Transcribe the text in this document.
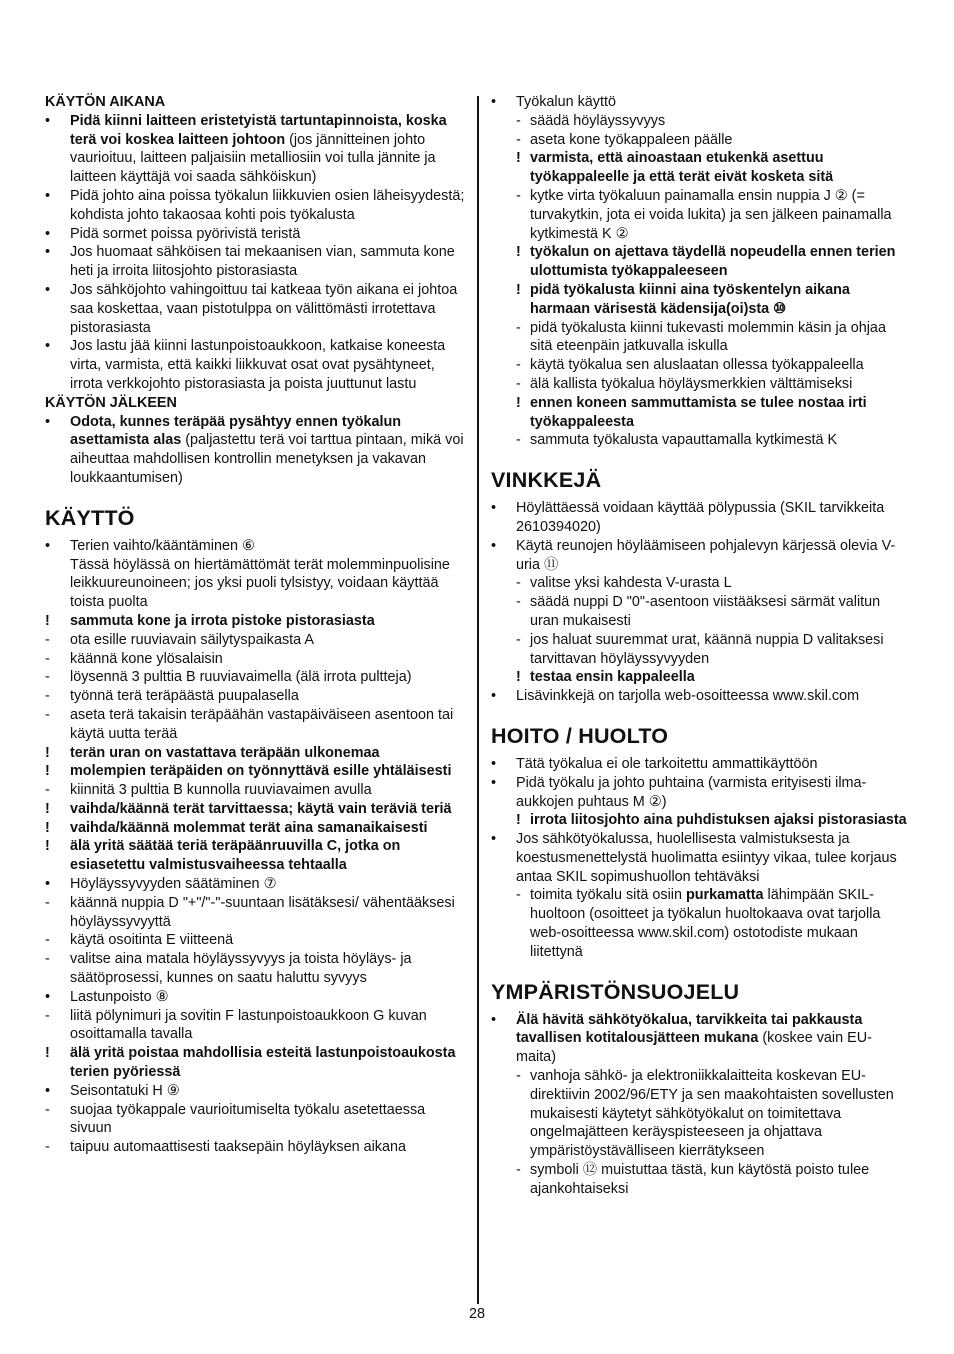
KÄYTÖN AIKANA
• Pidä kiinni laitteen eristetyistä tartuntapinnoista, koska terä voi koskea laitteen johtoon (jos jännitteinen johto vaurioituu, laitteen paljaisiin metalliosiin voi tulla jännite ja laitteen käyttäjä voi saada sähköiskun)
• Pidä johto aina poissa työkalun liikkuvien osien läheisyydestä; kohdista johto takaosaa kohti pois työkalusta
• Pidä sormet poissa pyörivistä teristä
• Jos huomaat sähköisen tai mekaanisen vian, sammuta kone heti ja irroita liitosjohto pistorasiasta
• Jos sähköjohto vahingoittuu tai katkeaa työn aikana ei johtoa saa koskettaa, vaan pistotulppa on välittömästi irrotettava pistorasiasta
• Jos lastu jää kiinni lastunpoistoaukkoon, katkaise koneesta virta, varmista, että kaikki liikkuvat osat ovat pysähtyneet, irrota verkkojohto pistorasiasta ja poista juuttunut lastu
KÄYTÖN JÄLKEEN
• Odota, kunnes teräpää pysähtyy ennen työkalun asettamista alas (paljastettu terä voi tarttua pintaan, mikä voi aiheuttaa mahdollisen kontrollin menetyksen ja vakavan loukkaantumisen)
KÄYTTÖ
• Terien vaihto/kääntäminen ⑥
Tässä höylässä on hiertämättömät terät molemminpuolisine leikkuureunoineen; jos yksi puoli tylsistyy, voidaan käyttää toista puolta
! sammuta kone ja irrota pistoke pistorasiasta
- ota esille ruuviavain säilytyspaikasta A
- käännä kone ylösalaisin
- löysennä 3 pulttia B ruuviavaimella (älä irrota pultteja)
- työnnä terä teräpäästä puupalasella
- aseta terä takaisin teräpäähän vastapäiväiseen asentoon tai käytä uutta terää
! terän uran on vastattava teräpään ulkonemaa
! molempien teräpäiden on työnnyttävä esille yhtäläisesti
- kiinnitä 3 pulttia B kunnolla ruuviavaimen avulla
! vaihda/käännä terät tarvittaessa; käytä vain teräviä teriä
! vaihda/käännä molemmat terät aina samanaikaisesti
! älä yritä säätää teriä teräpäänruuvilla C, jotka on esiasetettu valmistusvaiheessa tehtaalla
• Höyläyssyvyyden säätäminen ⑦
- käännä nuppia D "+"/"-"-suuntaan lisätäksesi/ vähentääksesi höyläyssyvyyttä
- käytä osoitinta E viitteenä
- valitse aina matala höyläyssyvyys ja toista höyläys- ja säätöprosessi, kunnes on saatu haluttu syvyys
• Lastunpoisto ⑧
- liitä pölynimuri ja sovitin F lastunpoistoaukkoon G kuvan osoittamalla tavalla
! älä yritä poistaa mahdollisia esteitä lastunpoistoaukosta terien pyöriessä
• Seisontatuki H ⑨
- suojaa työkappale vaurioitumiselta työkalu asetettaessa sivuun
- taipuu automaattisesti taaksepäin höyläyksen aikana
• Työkalun käyttö
- säädä höyläyssyvyys
- aseta kone työkappaleen päälle
! varmista, että ainoastaan etukenkä asettuu työkappaleelle ja että terät eivät kosketa sitä
- kytke virta työkaluun painamalla ensin nuppia J ② (= turvakytkin, jota ei voida lukita) ja sen jälkeen painamalla kytkimestä K ②
! työkalun on ajettava täydellä nopeudella ennen terien ulottumista työkappaleeseen
! pidä työkalusta kiinni aina työskentelyn aikana harmaan värisestä kädensija(oi)sta ⑩
- pidä työkalusta kiinni tukevasti molemmin käsin ja ohjaa sitä eteenpäin jatkuvalla iskulla
- käytä työkalua sen aluslaatan ollessa työkappaleella
- älä kallista työkalua höyläysmerkkien välttämiseksi
! ennen koneen sammuttamista se tulee nostaa irti työkappaleesta
- sammuta työkalusta vapauttamalla kytkimestä K
VINKKEJÄ
• Höylättäessä voidaan käyttää pölypussia (SKIL tarvikkeita 2610394020)
• Käytä reunojen höyläämiseen pohjalevyn kärjessä olevia V-uria ⑪
- valitse yksi kahdesta V-urasta L
- säädä nuppi D "0"-asentoon viistääksesi särmät valitun uran mukaisesti
- jos haluat suuremmat urat, käännä nuppia D valitaksesi tarvittavan höyläyssyvyyden
! testaa ensin kappaleella
• Lisävinkkejä on tarjolla web-osoitteessa www.skil.com
HOITO / HUOLTO
• Tätä työkalua ei ole tarkoitettu ammattikäyttöön
• Pidä työkalu ja johto puhtaina (varmista erityisesti ilma- aukkojen puhtaus M ②)
! irrota liitosjohto aina puhdistuksen ajaksi pistorasiasta
• Jos sähkötyökalussa, huolellisesta valmistuksesta ja koestusmenettelystä huolimatta esiintyy vikaa, tulee korjaus antaa SKIL sopimushuollon tehtäväksi
- toimita työkalu sitä osiin purkamatta lähimpään SKIL-huoltoon (osoitteet ja työkalun huoltokaava ovat tarjolla web-osoitteessa www.skil.com) ostotodiste mukaan liitettynä
YMPÄRISTÖNSUOJELU
• Älä hävitä sähkötyökalua, tarvikkeita tai pakkausta tavallisen kotitalousjätteen mukana (koskee vain EU-maita)
- vanhoja sähkö- ja elektroniikkalaitteita koskevan EU-direktiivin 2002/96/ETY ja sen maakohtaisten sovellusten mukaisesti käytetyt sähkötyökalut on toimitettava ongelmajätteen keräyspisteeseen ja ohjattava ympäristöystävälliseen kierrätykseen
- symboli ⑫ muistuttaa tästä, kun käytöstä poisto tulee ajankohtaiseksi
28
